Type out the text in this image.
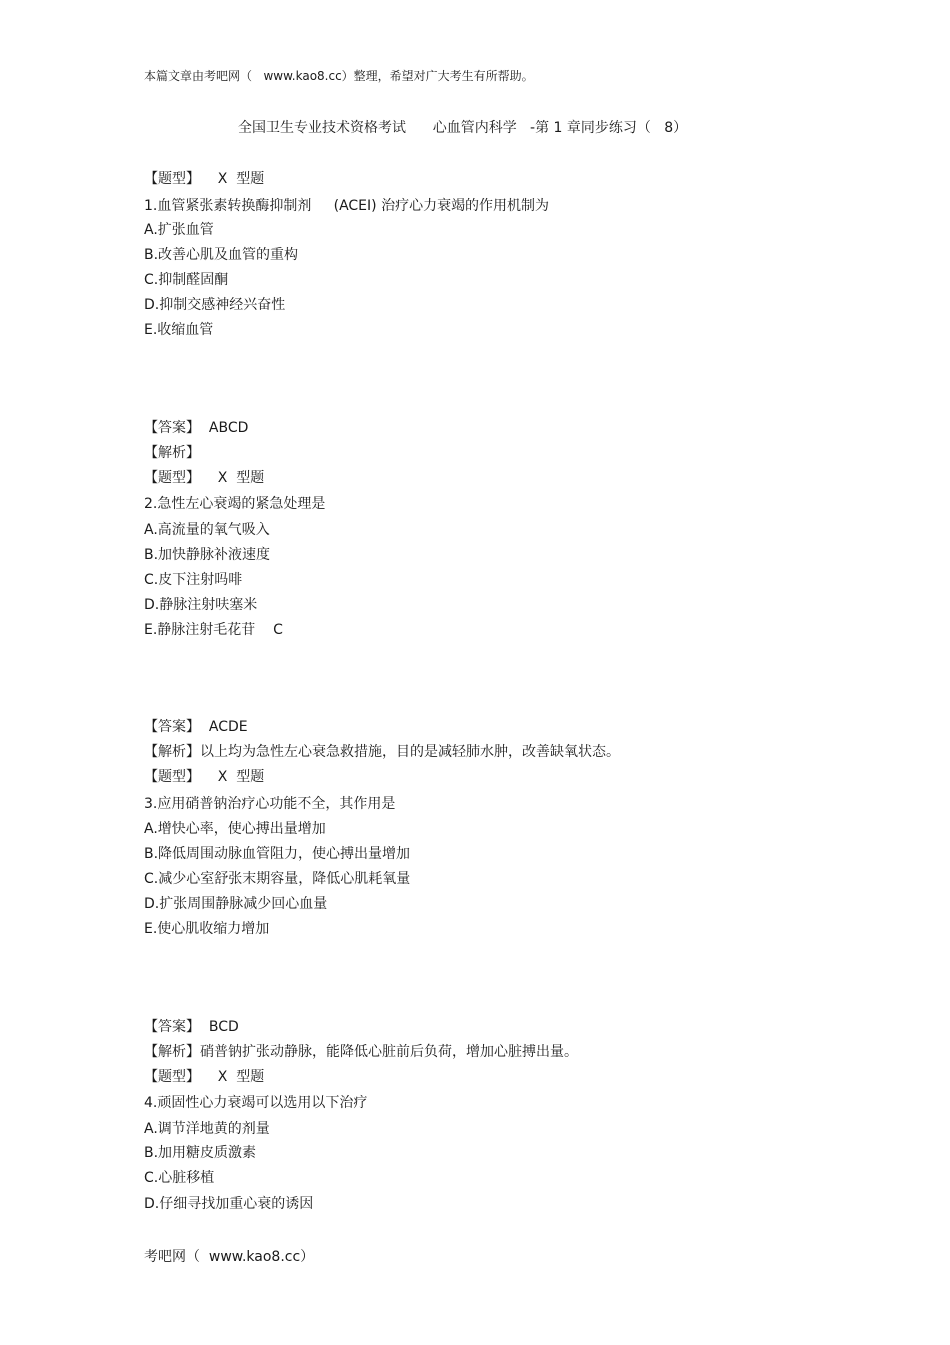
本篇文章由考吧网（   www.kao8.cc）整理，希望对广大考生有所帮助。
全国卫生专业技术资格考试      心血管内科学   -第 1 章同步练习（   8）
【题型】    X  型题
1.血管紧张素转换酶抑制剂     (ACEI) 治疗心力衰竭的作用机制为
A.扩张血管
B.改善心肌及血管的重构
C.抑制醛固酮
D.抑制交感神经兴奋性
E.收缩血管
【答案】  ABCD
【解析】
【题型】    X  型题
2.急性左心衰竭的紧急处理是
A.高流量的氧气吸入
B.加快静脉补液速度
C.皮下注射吗啡
D.静脉注射呋塞米
E.静脉注射毛花苷    C
【答案】  ACDE
【解析】以上均为急性左心衰急救措施，目的是减轻肺水肿，改善缺氧状态。
【题型】    X  型题
3.应用硝普钠治疗心功能不全，其作用是
A.增快心率，使心搏出量增加
B.降低周围动脉血管阻力，使心搏出量增加
C.减少心室舒张末期容量，降低心肌耗氧量
D.扩张周围静脉减少回心血量
E.使心肌收缩力增加
【答案】  BCD
【解析】硝普钠扩张动静脉，能降低心脏前后负荷，增加心脏搏出量。
【题型】    X  型题
4.顽固性心力衰竭可以选用以下治疗
A.调节洋地黄的剂量
B.加用糖皮质激素
C.心脏移植
D.仔细寻找加重心衰的诱因
考吧网（  www.kao8.cc）
